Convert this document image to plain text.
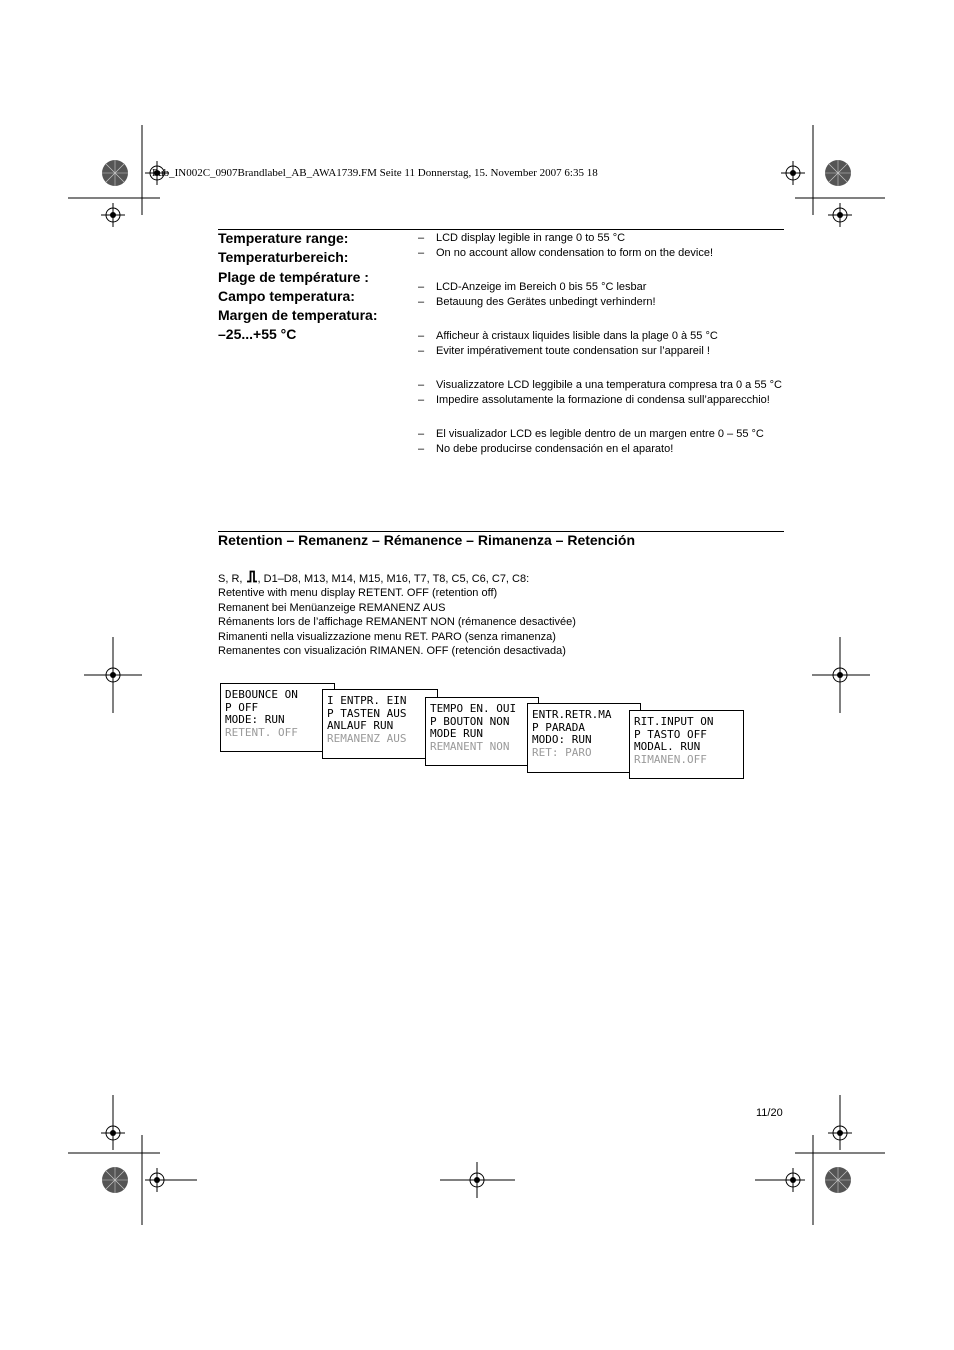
Pub_IN002C_0907Brandlabel_AB_AWA1739.FM Seite 11 Donnerstag, 15. November 2007 6:35 18
Temperature range:
Temperaturbereich:
Plage de température :
Campo temperatura:
Margen de temperatura:
–25...+55 °C
–	LCD display legible in range 0 to 55 °C
–	On no account allow condensation to form on the device!
–	LCD-Anzeige im Bereich 0 bis 55 °C lesbar
–	Betauung des Gerätes unbedingt verhindern!
–	Afficheur à cristaux liquides lisible dans la plage 0 à 55 °C
–	Eviter impérativement toute condensation sur l’appareil !
–	Visualizzatore LCD leggibile a una temperatura compresa tra 0 a 55 °C
–	Impedire assolutamente la formazione di condensa sull’apparecchio!
–	El visualizador LCD es legible dentro de un margen entre 0 – 55 °C
–	No debe producirse condensación en el aparato!
Retention – Remanenz – Rémanence – Rimanenza – Retención
S, R, , D1–D8, M13, M14, M15, M16, T7, T8, C5, C6, C7, C8:
Retentive with menu display RETENT. OFF (retention off)
Remanent bei Menüanzeige REMANENZ AUS
Rémanents lors de l’affichage REMANENT NON (rémanence desactivée)
Rimanenti nella visualizzazione menu RET. PARO (senza rimanenza)
Remanentes con visualización RIMANEN. OFF (retención desactivada)
DEBOUNCE ON
P OFF
MODE: RUN
RETENT. OFF
I ENTPR. EIN
P TASTEN AUS
ANLAUF RUN
REMANENZ AUS
TEMPO EN. OUI
P BOUTON NON
MODE RUN
REMANENT NON
ENTR.RETR.MA
P PARADA
MODO: RUN
RET: PARO
RIT.INPUT ON
P TASTO OFF
MODAL. RUN
RIMANEN.OFF
11/20
